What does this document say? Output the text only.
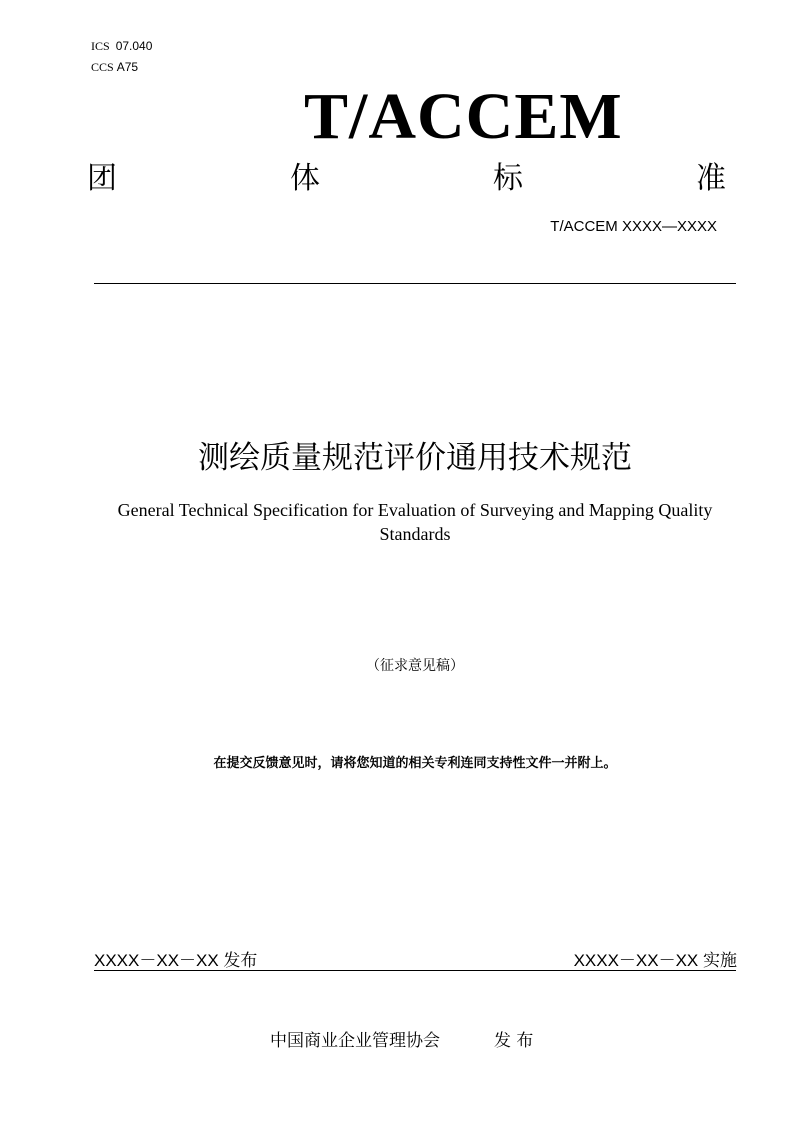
ICS 07.040
CCS A75
T/ACCEM
团	体	标	准
T/ACCEM XXXX—XXXX
测绘质量规范评价通用技术规范
General Technical Specification for Evaluation of Surveying and Mapping Quality
Standards
（征求意见稿）
在提交反馈意见时，请将您知道的相关专利连同支持性文件一并附上。
XXXX－XX－XX 发布	XXXX－XX－XX 实施
中国商业企业管理协会	发 布
